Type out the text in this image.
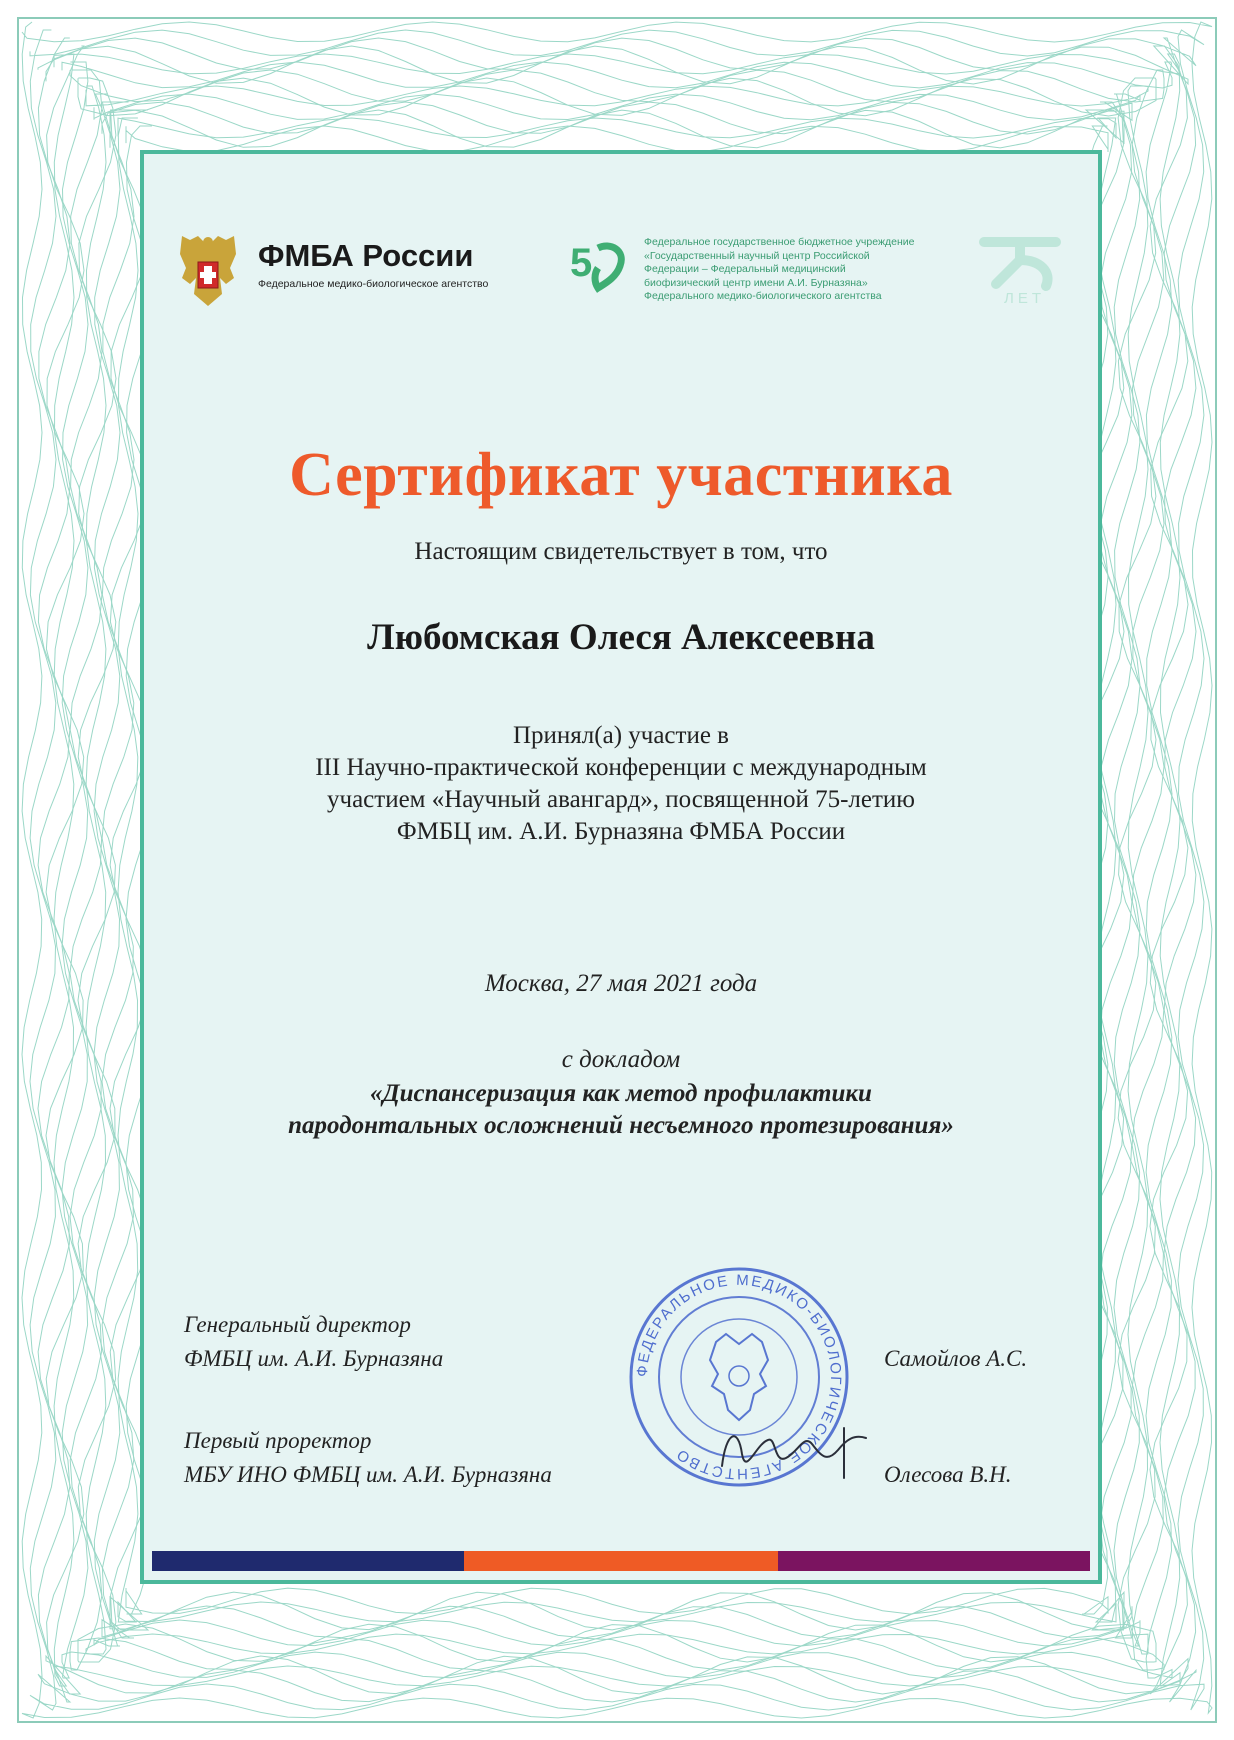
ФМБА России
Федеральное медико-биологическое агентство 5	Федеральное государственное бюджетное учреждение
«Государственный научный центр Российской
Федерации – Федеральный медицинский
биофизический центр имени А.И. Бурназяна»
Федерального медико-биологического агентства	ЛЕТ
Сертификат участника
Настоящим свидетельствует в том, что
Любомская Олеся Алексеевна
Принял(а) участие в
III Научно-практической конференции с международным
участием «Научный авангард», посвященной 75-летию
ФМБЦ им. А.И. Бурназяна ФМБА России
Москва, 27 мая 2021 года
с докладом
«Диспансеризация как метод профилактики
пародонтальных осложнений несъемного протезирования»
Генеральный директор
ФМБЦ им. А.И. Бурназяна	Самойлов А.С.
Первый проректор
МБУ ИНО ФМБЦ им. А.И. Бурназяна	Олесова В.Н.
ФЕДЕРАЛЬНОЕ МЕДИКО-БИОЛОГИЧЕСКОЕ АГЕНТСТВО
